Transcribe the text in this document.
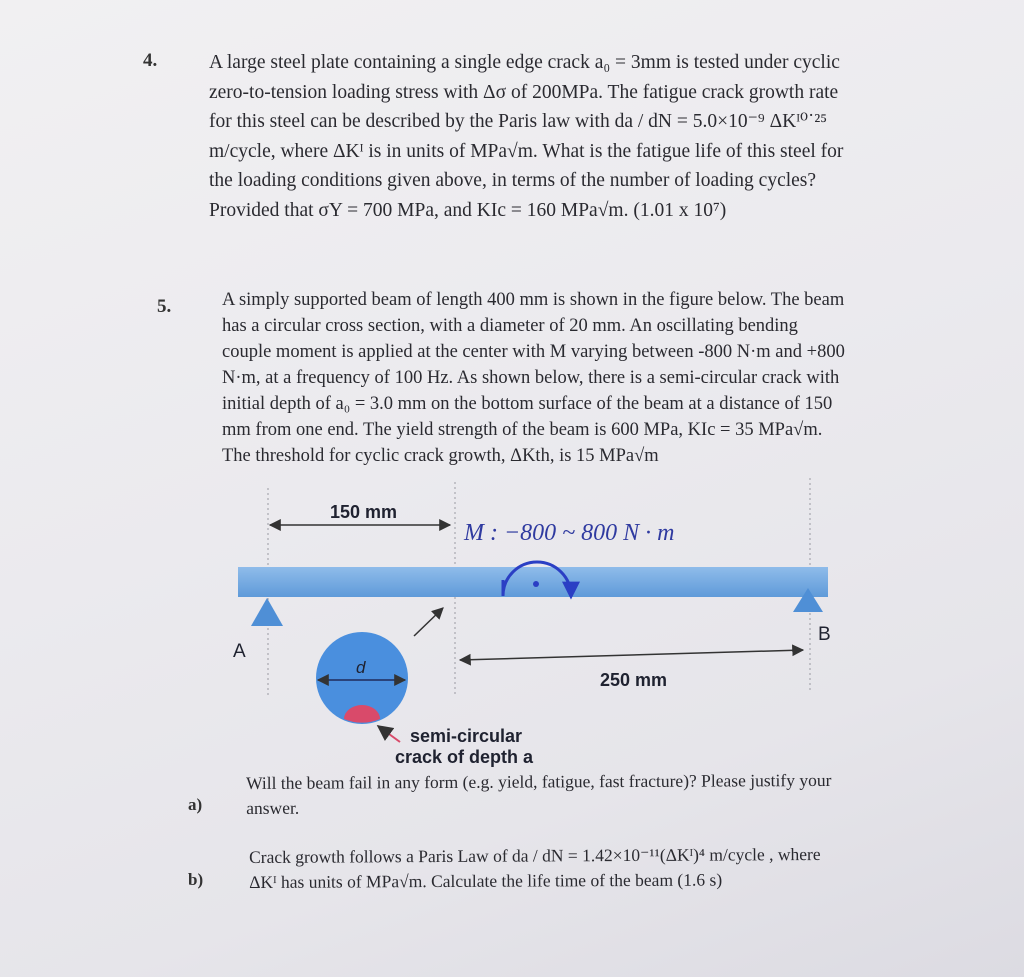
4.	A large steel plate containing a single edge crack a₀ = 3mm is tested under cyclic
zero-to-tension loading stress with Δσ of 200MPa. The fatigue crack growth rate
for this steel can be described by the Paris law with da / dN = 5.0×10⁻⁹ ΔKᴵ⁰˙²⁵
m/cycle, where ΔKᴵ is in units of MPa√m. What is the fatigue life of this steel for
the loading conditions given above, in terms of the number of loading cycles?
Provided that σY = 700 MPa, and KIc = 160 MPa√m. (1.01 x 10⁷)

5.	A simply supported beam of length 400 mm is shown in the figure below. The beam
has a circular cross section, with a diameter of 20 mm. An oscillating bending
couple moment is applied at the center with M varying between -800 N·m and +800
N·m, at a frequency of 100 Hz. As shown below, there is a semi-circular crack with
initial depth of a₀ = 3.0 mm on the bottom surface of the beam at a distance of 150
mm from one end. The yield strength of the beam is 600 MPa, KIc = 35 MPa√m.
The threshold for cyclic crack growth, ΔKth, is 15 MPa√m

150 mm
M : −800 ~ 800 N · m
A
B
250 mm
d
semi-circular
crack of depth a
a)

Will the beam fail in any form (e.g. yield, fatigue, fast fracture)? Please justify your
answer.

b)

Crack growth follows a Paris Law of da / dN = 1.42×10⁻¹¹(ΔKᴵ)⁴ m/cycle , where
ΔKᴵ has units of MPa√m. Calculate the life time of the beam (1.6 s)
